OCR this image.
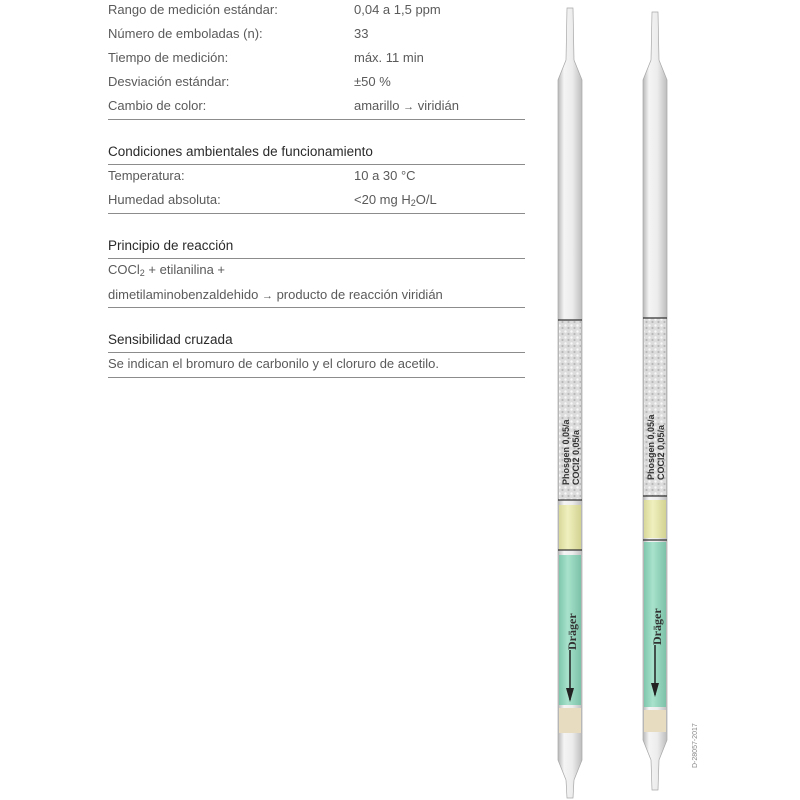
Rango de medición estándar:	0,04 a 1,5 ppm
Número de emboladas (n):	33
Tiempo de medición:	máx. 11 min
Desviación estándar:	±50 %
Cambio de color:	amarillo → viridián
Condiciones ambientales de funcionamiento
Temperatura:	10 a 30 °C
Humedad absoluta:	<20 mg $H_2O/L$
Principio de reacción
COCl$_2$ + etilanilina +
dimetilaminobenzaldehido → producto de reacción viridián
Sensibilidad cruzada
Se indican el bromuro de carbonilo y el cloruro de acetilo.
Phosgen 0,05/a COCl2 0,05/a
Dräger
Phosgen 0,05/a COCl2 0,05/a
Dräger
D-28057-2017
